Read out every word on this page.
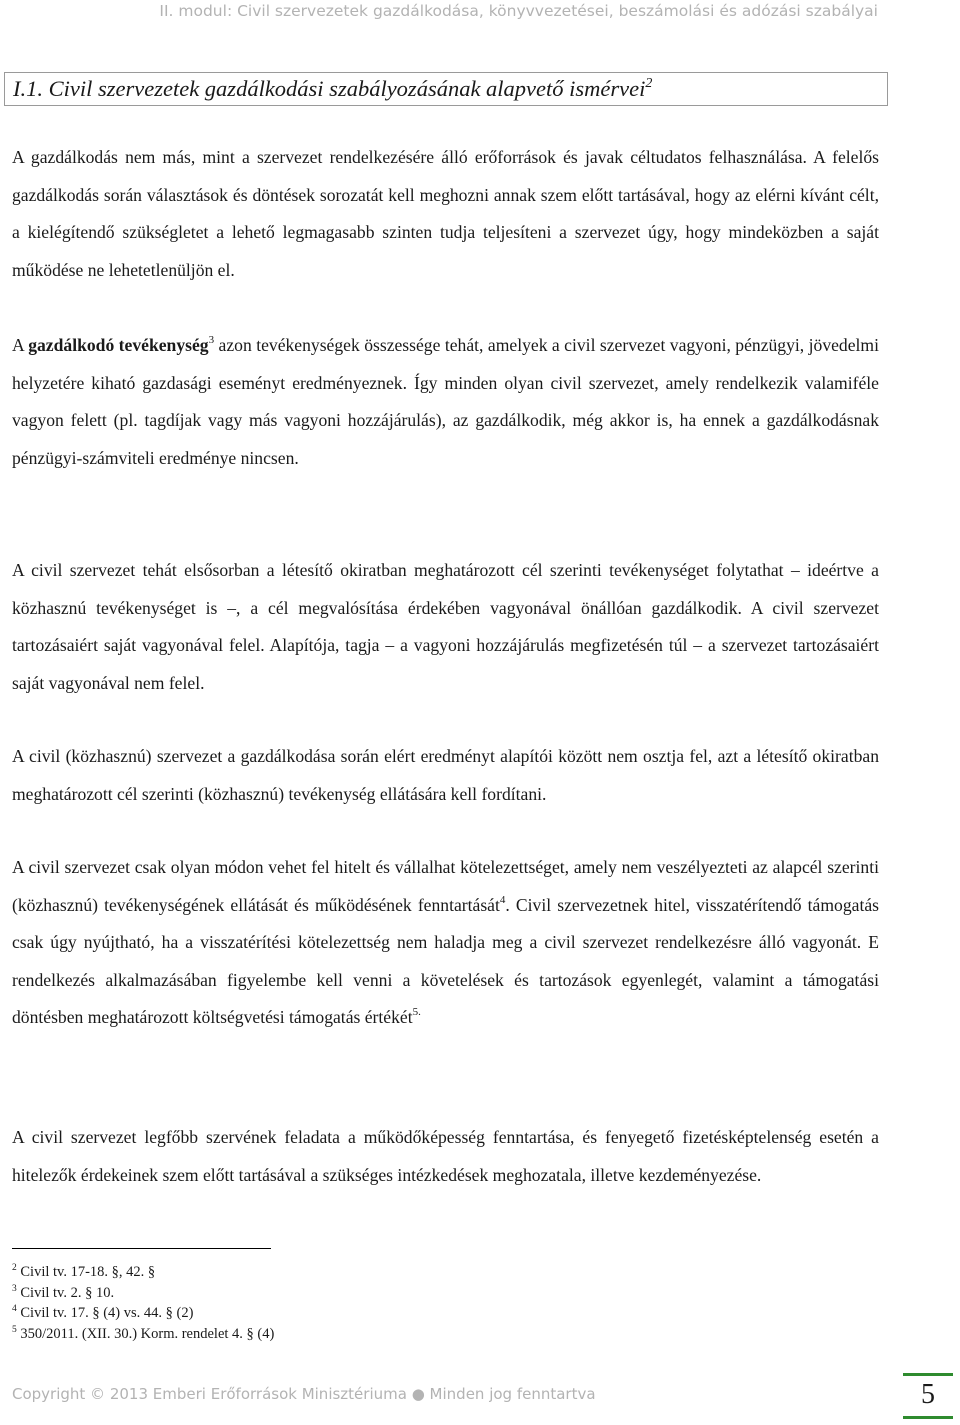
II. modul: Civil szervezetek gazdálkodása, könyvvezetései, beszámolási és adózási szabályai
I.1. Civil szervezetek gazdálkodási szabályozásának alapvető ismérvei$^2$

A gazdálkodás nem más, mint a szervezet rendelkezésére álló erőforrások és javak céltudatos felhasználása. A felelős gazdálkodás során választások és döntések sorozatát kell meghozni annak szem előtt tartásával, hogy az elérni kívánt célt, a kielégítendő szükségletet a lehető legmagasabb szinten tudja teljesíteni a szervezet úgy, hogy mindeközben a saját működése ne lehetetlenüljön el.

A gazdálkodó tevékenység$^3$ azon tevékenységek összessége tehát, amelyek a civil szervezet vagyoni, pénzügyi, jövedelmi helyzetére kiható gazdasági eseményt eredményeznek. Így minden olyan civil szervezet, amely rendelkezik valamiféle vagyon felett (pl. tagdíjak vagy más vagyoni hozzájárulás), az gazdálkodik, még akkor is, ha ennek a gazdálkodásnak pénzügyi-számviteli eredménye nincsen.

A civil szervezet tehát elsősorban a létesítő okiratban meghatározott cél szerinti tevékenységet folytathat – ideértve a közhasznú tevékenységet is –, a cél megvalósítása érdekében vagyonával önállóan gazdálkodik. A civil szervezet tartozásaiért saját vagyonával felel. Alapítója, tagja – a vagyoni hozzájárulás megfizetésén túl – a szervezet tartozásaiért saját vagyonával nem felel.

A civil (közhasznú) szervezet a gazdálkodása során elért eredményt alapítói között nem osztja fel, azt a létesítő okiratban meghatározott cél szerinti (közhasznú) tevékenység ellátására kell fordítani.

A civil szervezet csak olyan módon vehet fel hitelt és vállalhat kötelezettséget, amely nem veszélyezteti az alapcél szerinti (közhasznú) tevékenységének ellátását és működésének fenntartását$^4$. Civil szervezetnek hitel, visszatérítendő támogatás csak úgy nyújtható, ha a visszatérítési kötelezettség nem haladja meg a civil szervezet rendelkezésre álló vagyonát. E rendelkezés alkalmazásában figyelembe kell venni a követelések és tartozások egyenlegét, valamint a támogatási döntésben meghatározott költségvetési támogatás értékét$^{5.}$

A civil szervezet legfőbb szervének feladata a működőképesség fenntartása, és fenyegető fizetésképtelenség esetén a hitelezők érdekeinek szem előtt tartásával a szükséges intézkedések meghozatala, illetve kezdeményezése.

$^2$ Civil tv. 17-18. §, 42. §
$^3$ Civil tv. 2. § 10.
$^4$ Civil tv. 17. § (4) vs. 44. § (2)
$^5$ 350/2011. (XII. 30.) Korm. rendelet 4. § (4)
Copyright © 2013 Emberi Erőforrások Minisztériuma ● Minden jog fenntartva	5
